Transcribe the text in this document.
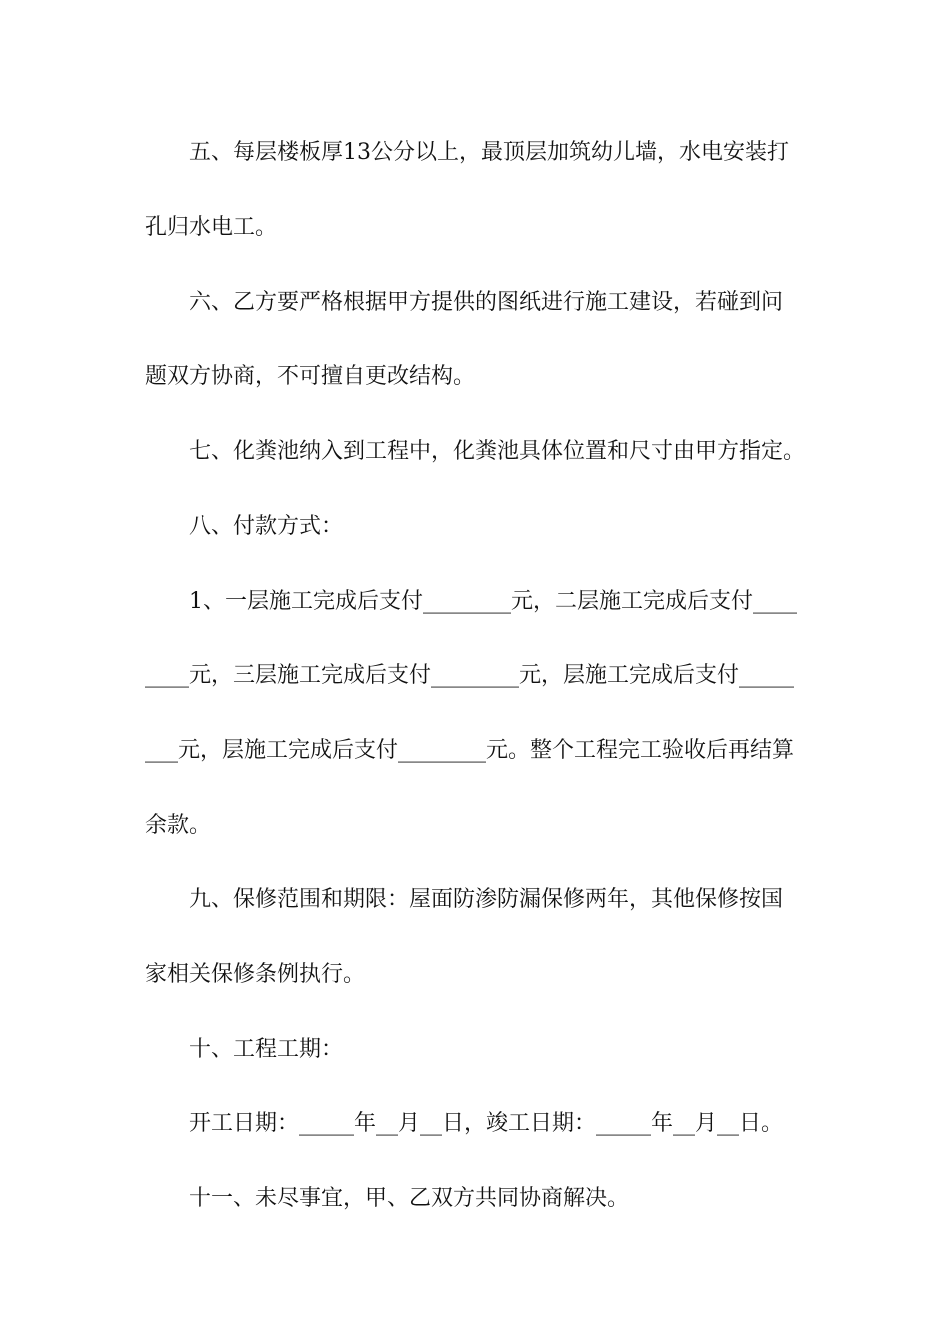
五、每层楼板厚13公分以上，最顶层加筑幼儿墙，水电安装打
孔归水电工。
六、乙方要严格根据甲方提供的图纸进行施工建设，若碰到问
题双方协商，不可擅自更改结构。
七、化粪池纳入到工程中，化粪池具体位置和尺寸由甲方指定。
八、付款方式：
1、一层施工完成后支付________元，二层施工完成后支付____
____元，三层施工完成后支付________元，层施工完成后支付_____
___元，层施工完成后支付________元。整个工程完工验收后再结算
余款。
九、保修范围和期限：屋面防渗防漏保修两年，其他保修按国
家相关保修条例执行。
十、工程工期：
开工日期：_____年__月__日，竣工日期：_____年__月__日。
十一、未尽事宜，甲、乙双方共同协商解决。
